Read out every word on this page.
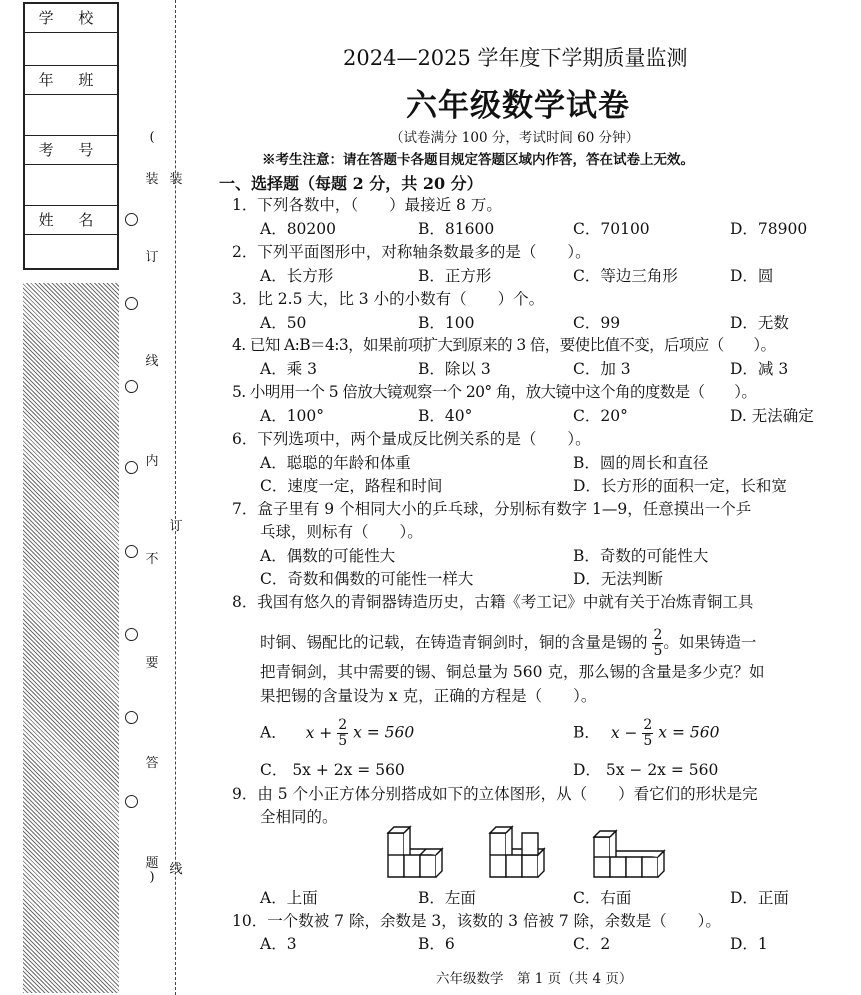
学 校
年 班
考 号
姓 名
(
装
订
线
内
不
要
答
题
)
装
订
线
2024—2025 学年度下学期质量监测
六年级数学试卷
（试卷满分 100 分，考试时间 60 分钟）
※考生注意：请在答题卡各题目规定答题区域内作答，答在试卷上无效。
一、选择题（每题 2 分，共 20 分）
1．下列各数中，（　　）最接近 8 万。
A．80200	B．81600	C．70100	D．78900
2．下列平面图形中，对称轴条数最多的是（　　）。
A．长方形	B．正方形	C．等边三角形	D．圆
3．比 2.5 大，比 3 小的小数有（　　）个。
A．50	B．100	C．99	D．无数
4. 已知 A:B＝4:3，如果前项扩大到原来的 3 倍，要使比值不变，后项应（　　）。
A．乘 3	B．除以 3	C．加 3	D．减 3
5. 小明用一个 5 倍放大镜观察一个 20° 角，放大镜中这个角的度数是（　　）。
A．100°	B．40°	C．20°	D. 无法确定
6．下列选项中，两个量成反比例关系的是（　　）。
A．聪聪的年龄和体重	B．圆的周长和直径
C．速度一定，路程和时间	D．长方形的面积一定，长和宽
7．盒子里有 9 个相同大小的乒乓球，分别标有数字 1—9，任意摸出一个乒
乓球，则标有（　　）。
A．偶数的可能性大	B．奇数的可能性大
C．奇数和偶数的可能性一样大	D．无法判断
8．我国有悠久的青铜器铸造历史，古籍《考工记》中就有关于冶炼青铜工具
时铜、锡配比的记载，在铸造青铜剑时，铜的含量是锡的 $\frac{2}{5}$ 。如果铸造一
把青铜剑，其中需要的锡、铜总量为 560 克，那么锡的含量是多少克？如
果把锡的含量设为 x 克，正确的方程是（　　）。
A． $x + \frac{2}{5}$ x = 560	B． $x - \frac{2}{5}$ x = 560
C． 5x + 2x = 560	D． 5x − 2x = 560
9．由 5 个小正方体分别搭成如下的立体图形，从（　　）看它们的形状是完
全相同的。
A．上面	B．左面	C．右面	D．正面
10．一个数被 7 除，余数是 3，该数的 3 倍被 7 除，余数是（　　）。
A．3	B．6	C．2	D．1
六年级数学　第 1 页（共 4 页）
